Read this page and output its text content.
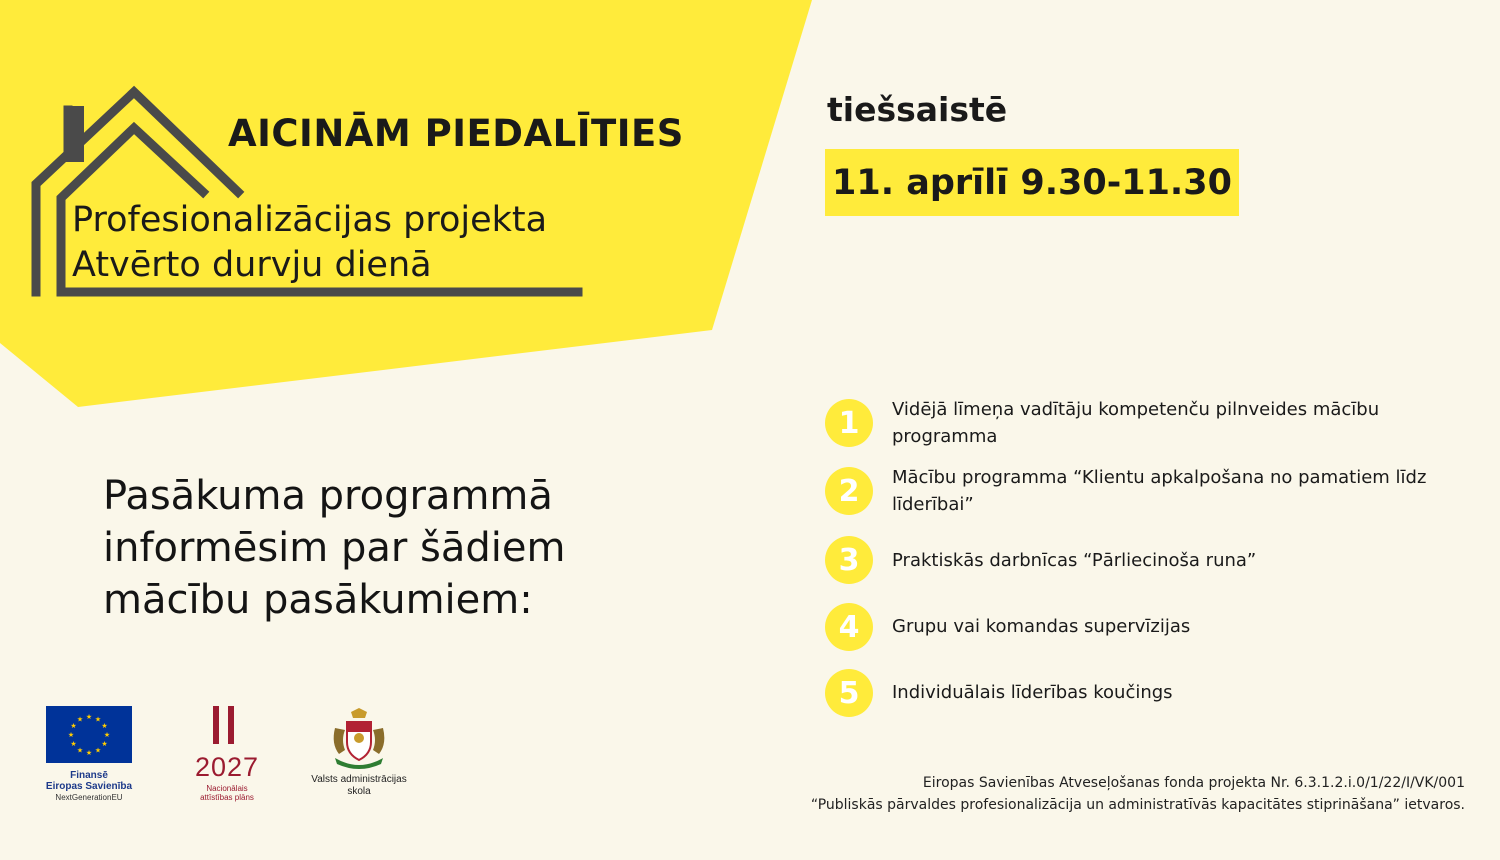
AICINĀM PIEDALĪTIES
Profesionalizācijas projekta
Atvērto durvju dienā
tiešsaistē
11. aprīlī 9.30-11.30
Pasākuma programmā
informēsim par šādiem
mācību pasākumiem:
1	Vidējā līmeņa vadītāju kompetenču pilnveides mācību programma
2	Mācību programma “Klientu apkalpošana no pamatiem līdz līderībai”
3	Praktiskās darbnīcas “Pārliecinoša runa”
4	Grupu vai komandas supervīzijas
5	Individuālais līderības koučings
★ ★
★
★
★
★
★
★
★
★
★
★
Finansē
Eiropas Savienība
NextGenerationEU
2027
Nacionālais
attīstības plāns
Valsts administrācijas
skola
Eiropas Savienības Atveseļošanas fonda projekta Nr. 6.3.1.2.i.0/1/22/I/VK/001
“Publiskās pārvaldes profesionalizācija un administratīvās kapacitātes stiprināšana” ietvaros.
